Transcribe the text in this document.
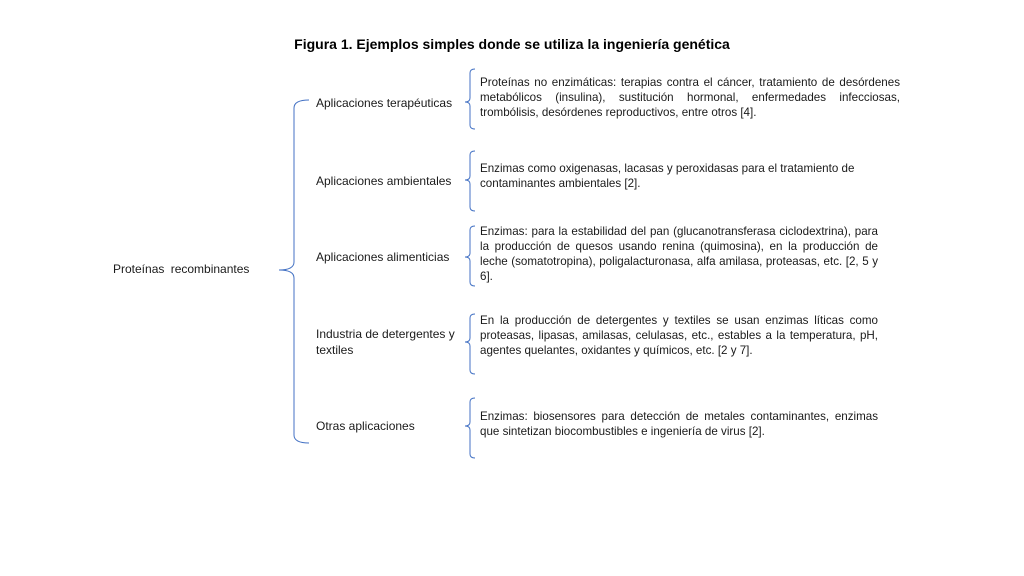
Figura 1. Ejemplos simples donde se utiliza la ingeniería genética
Proteínas recombinantes
Aplicaciones terapéuticas
Aplicaciones ambientales
Aplicaciones alimenticias
Industria de detergentes y textiles
Otras aplicaciones
Proteínas no enzimáticas: terapias contra el cáncer, tratamiento de desórdenes metabólicos (insulina), sustitución hormonal, enfermedades infecciosas, trombólisis, desórdenes reproductivos, entre otros [4].
Enzimas como oxigenasas, lacasas y peroxidasas para el tratamiento de contaminantes ambientales [2].
Enzimas: para la estabilidad del pan (glucanotransferasa ciclodextrina), para la producción de quesos usando renina (quimosina), en la producción de leche (somatotropina), poligalacturonasa, alfa amilasa, proteasas, etc. [2, 5 y 6].
En la producción de detergentes y textiles se usan enzimas líticas como proteasas, lipasas, amilasas, celulasas, etc., estables a la temperatura, pH, agentes quelantes, oxidantes y químicos, etc. [2 y 7].
Enzimas: biosensores para detección de metales contaminantes, enzimas que sintetizan biocombustibles e ingeniería de virus [2].
